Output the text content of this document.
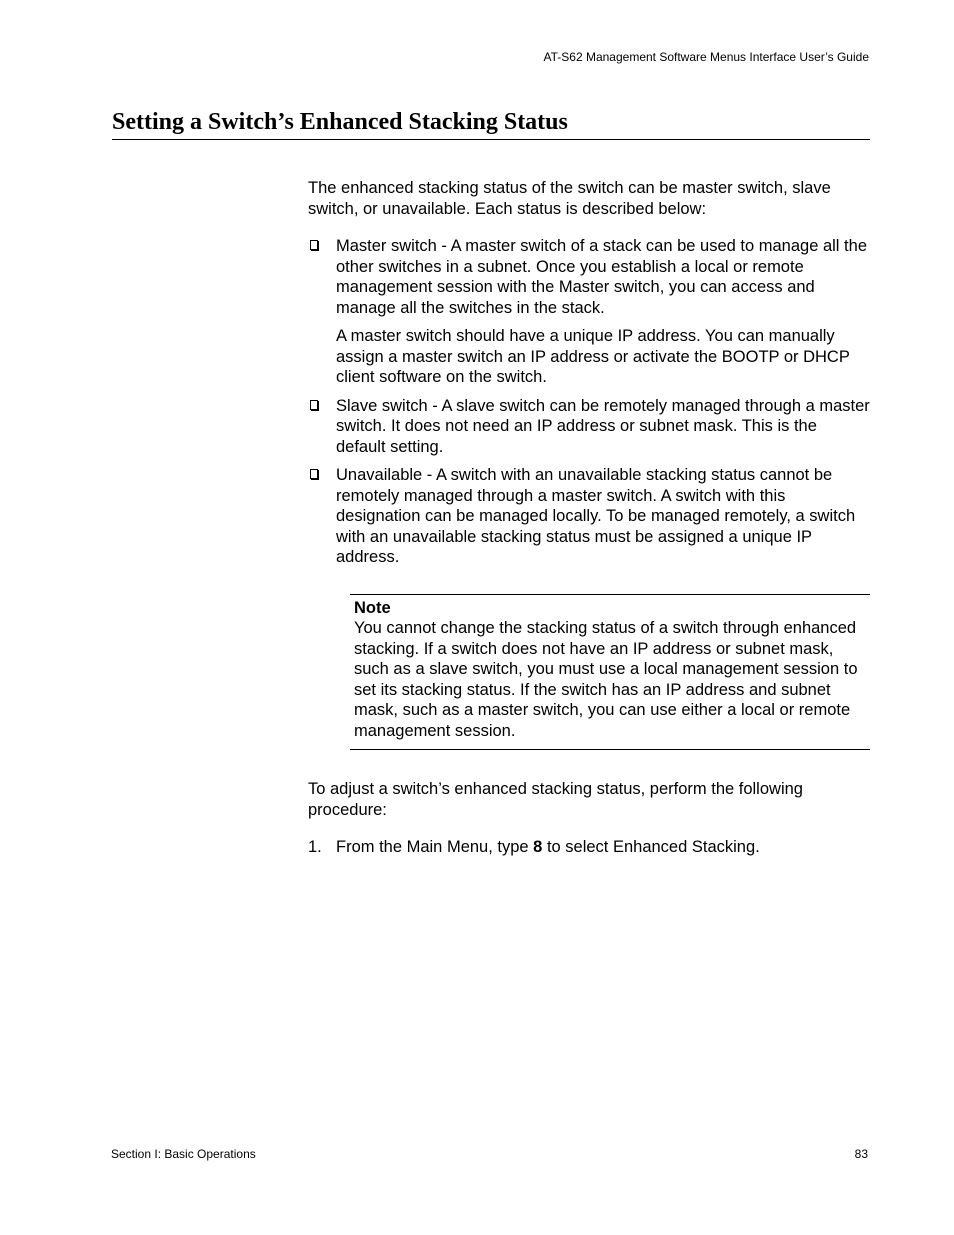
AT-S62 Management Software Menus Interface User’s Guide
Setting a Switch’s Enhanced Stacking Status

The enhanced stacking status of the switch can be master switch, slave switch, or unavailable. Each status is described below:

Master switch - A master switch of a stack can be used to manage all the other switches in a subnet. Once you establish a local or remote management session with the Master switch, you can access and manage all the switches in the stack.

A master switch should have a unique IP address. You can manually assign a master switch an IP address or activate the BOOTP or DHCP client software on the switch.

Slave switch - A slave switch can be remotely managed through a master switch. It does not need an IP address or subnet mask. This is the default setting.
Unavailable - A switch with an unavailable stacking status cannot be remotely managed through a master switch. A switch with this designation can be managed locally. To be managed remotely, a switch with an unavailable stacking status must be assigned a unique IP address.
Note
You cannot change the stacking status of a switch through enhanced stacking. If a switch does not have an IP address or subnet mask, such as a slave switch, you must use a local management session to set its stacking status. If the switch has an IP address and subnet mask, such as a master switch, you can use either a local or remote management session.

To adjust a switch’s enhanced stacking status, perform the following procedure:

1. From the Main Menu, type 8 to select Enhanced Stacking.
Section I: Basic Operations	83
